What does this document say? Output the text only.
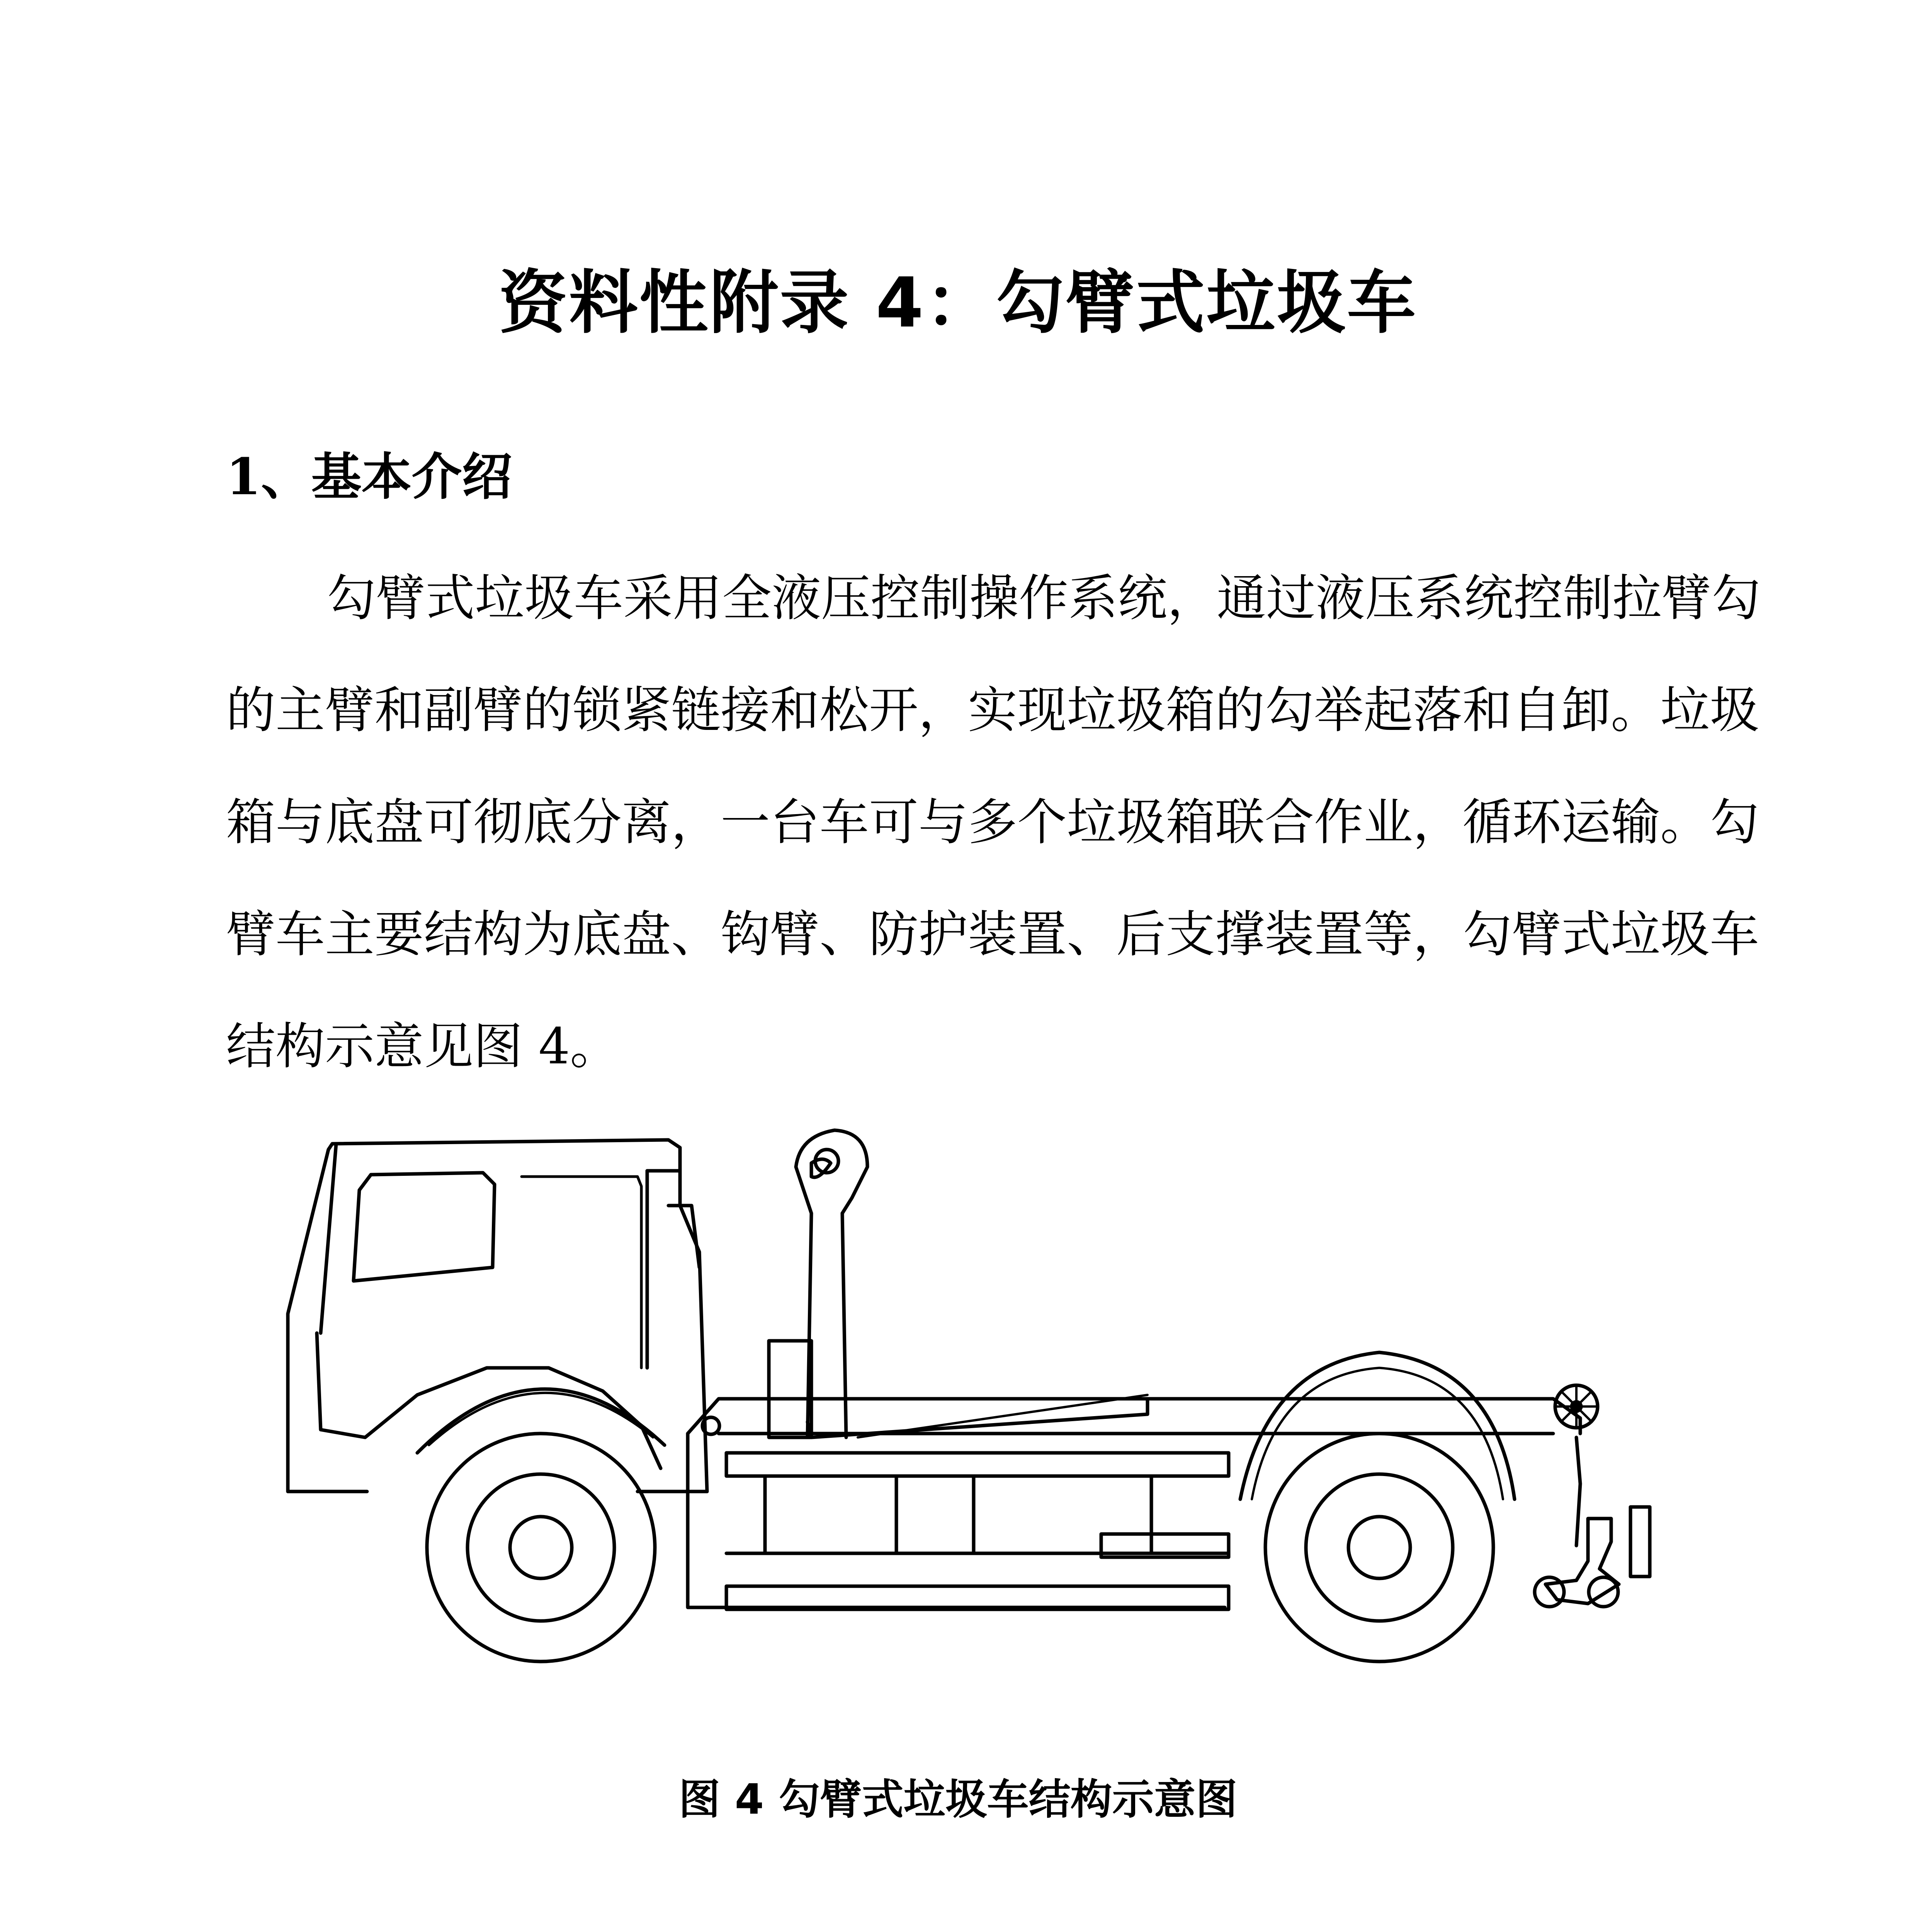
资料性附录 4：勾臂式垃圾车
1、基本介绍

勾臂式垃圾车采用全液压控制操作系统，通过液压系统控制拉臂勾

的主臂和副臂的锁紧链接和松开，实现垃圾箱的勾举起落和自卸。垃圾

箱与底盘可彻底分离，一台车可与多个垃圾箱联合作业，循环运输。勾

臂车主要结构为底盘、钩臂、防护装置、后支撑装置等，勾臂式垃圾车

结构示意见图 4。

图 4 勾臂式垃圾车结构示意图
